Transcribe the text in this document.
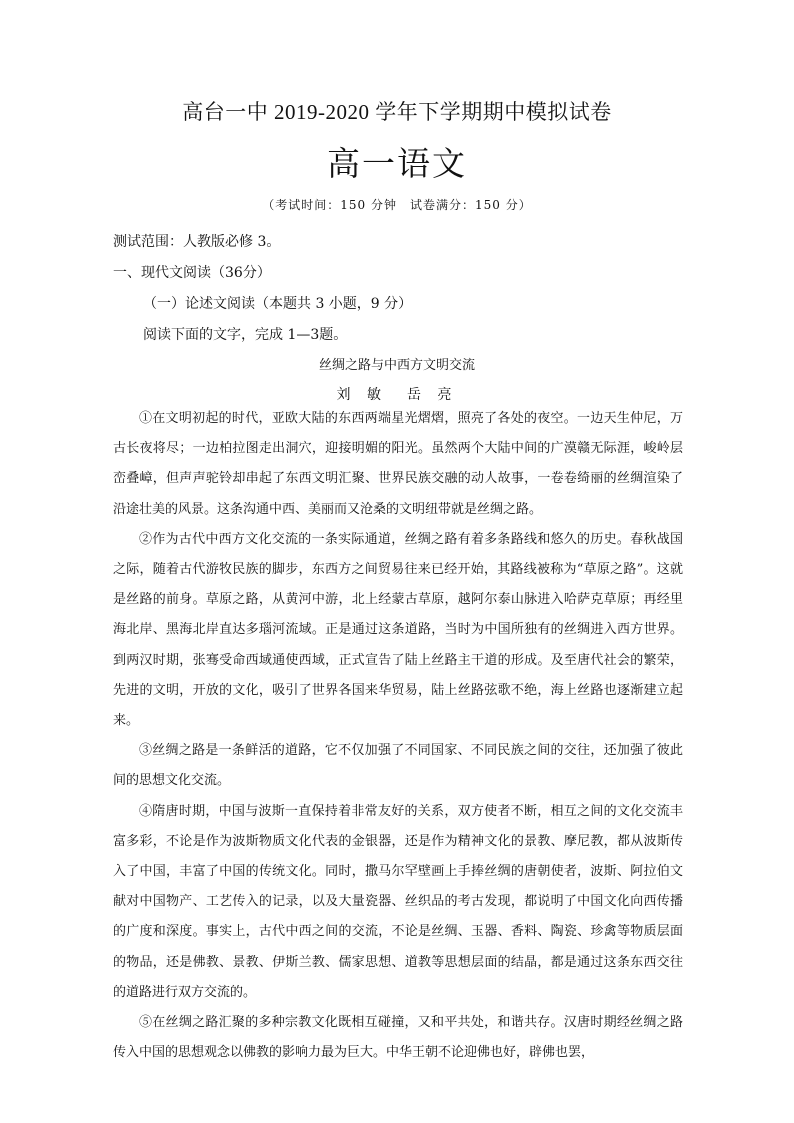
高台一中 2019-2020 学年下学期期中模拟试卷
高一语文
（考试时间：150 分钟　试卷满分：150 分）
测试范围：人教版必修 3。
一、现代文阅读（36分）
（一）论述文阅读（本题共 3 小题，9 分）
阅读下面的文字，完成 1—3题。
丝绸之路与中西方文明交流
刘 敏　岳 亮

①在文明初起的时代，亚欧大陆的东西两端星光熠熠，照亮了各处的夜空。一边天生仲尼，万古长夜将尽；一边柏拉图走出洞穴，迎接明媚的阳光。虽然两个大陆中间的广漠赣无际涯，峻岭层峦叠嶂，但声声驼铃却串起了东西文明汇聚、世界民族交融的动人故事，一卷卷绮丽的丝绸渲染了沿途壮美的风景。这条沟通中西、美丽而又沧桑的文明纽带就是丝绸之路。

②作为古代中西方文化交流的一条实际通道，丝绸之路有着多条路线和悠久的历史。春秋战国之际，随着古代游牧民族的脚步，东西方之间贸易往来已经开始，其路线被称为“草原之路”。这就是丝路的前身。草原之路，从黄河中游，北上经蒙古草原，越阿尔泰山脉进入哈萨克草原；再经里海北岸、黑海北岸直达多瑙河流域。正是通过这条道路，当时为中国所独有的丝绸进入西方世界。到两汉时期，张骞受命西域通使西域，正式宣告了陆上丝路主干道的形成。及至唐代社会的繁荣，先进的文明，开放的文化，吸引了世界各国来华贸易，陆上丝路弦歌不绝，海上丝路也逐渐建立起来。

③丝绸之路是一条鲜活的道路，它不仅加强了不同国家、不同民族之间的交往，还加强了彼此间的思想文化交流。

④隋唐时期，中国与波斯一直保持着非常友好的关系，双方使者不断，相互之间的文化交流丰富多彩，不论是作为波斯物质文化代表的金银器，还是作为精神文化的景教、摩尼教，都从波斯传入了中国，丰富了中国的传统文化。同时，撒马尔罕壁画上手捧丝绸的唐朝使者，波斯、阿拉伯文献对中国物产、工艺传入的记录，以及大量瓷器、丝织品的考古发现，都说明了中国文化向西传播的广度和深度。事实上，古代中西之间的交流，不论是丝绸、玉器、香料、陶瓷、珍禽等物质层面的物品，还是佛教、景教、伊斯兰教、儒家思想、道教等思想层面的结晶，都是通过这条东西交往的道路进行双方交流的。

⑤在丝绸之路汇聚的多种宗教文化既相互碰撞，又和平共处，和谐共存。汉唐时期经丝绸之路传入中国的思想观念以佛教的影响力最为巨大。中华王朝不论迎佛也好，辟佛也罢，
